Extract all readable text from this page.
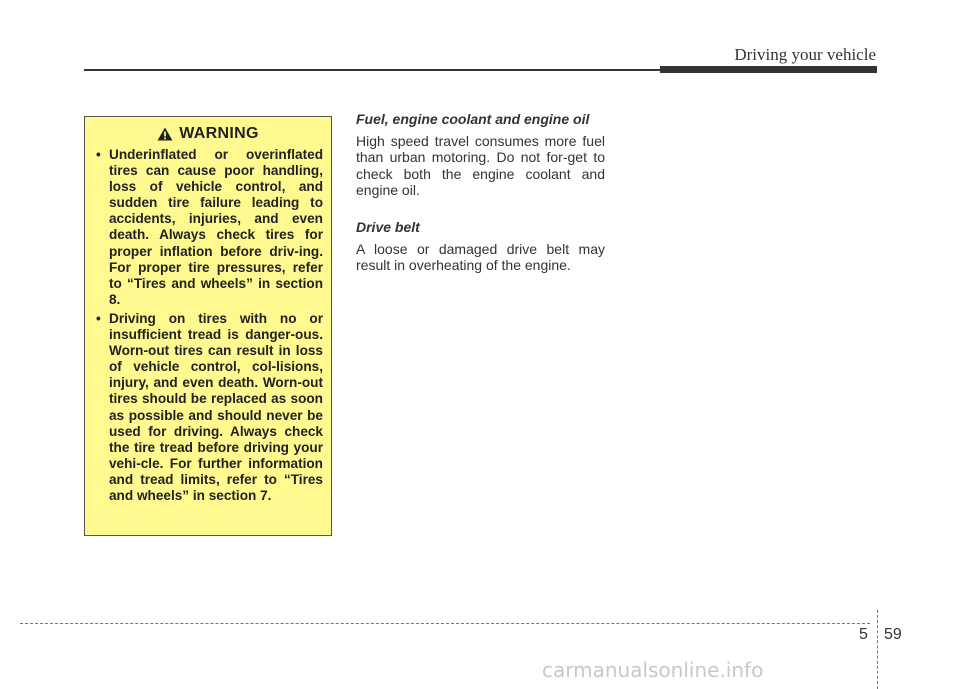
Driving your vehicle
WARNING
• Underinflated or overinflated tires can cause poor handling, loss of vehicle control, and sudden tire failure leading to accidents, injuries, and even death. Always check tires for proper inflation before driv-ing. For proper tire pressures, refer to “Tires and wheels” in section 8.
• Driving on tires with no or insufficient tread is danger-ous. Worn-out tires can result in loss of vehicle control, col-lisions, injury, and even death. Worn-out tires should be replaced as soon as possible and should never be used for driving. Always check the tire tread before driving your vehi-cle. For further information and tread limits, refer to “Tires and wheels” in section 7.
Fuel, engine coolant and engine oil

High speed travel consumes more fuel than urban motoring. Do not for-get to check both the engine coolant and engine oil.

Drive belt

A loose or damaged drive belt may result in overheating of the engine.

5 59
carmanualsonline.info
